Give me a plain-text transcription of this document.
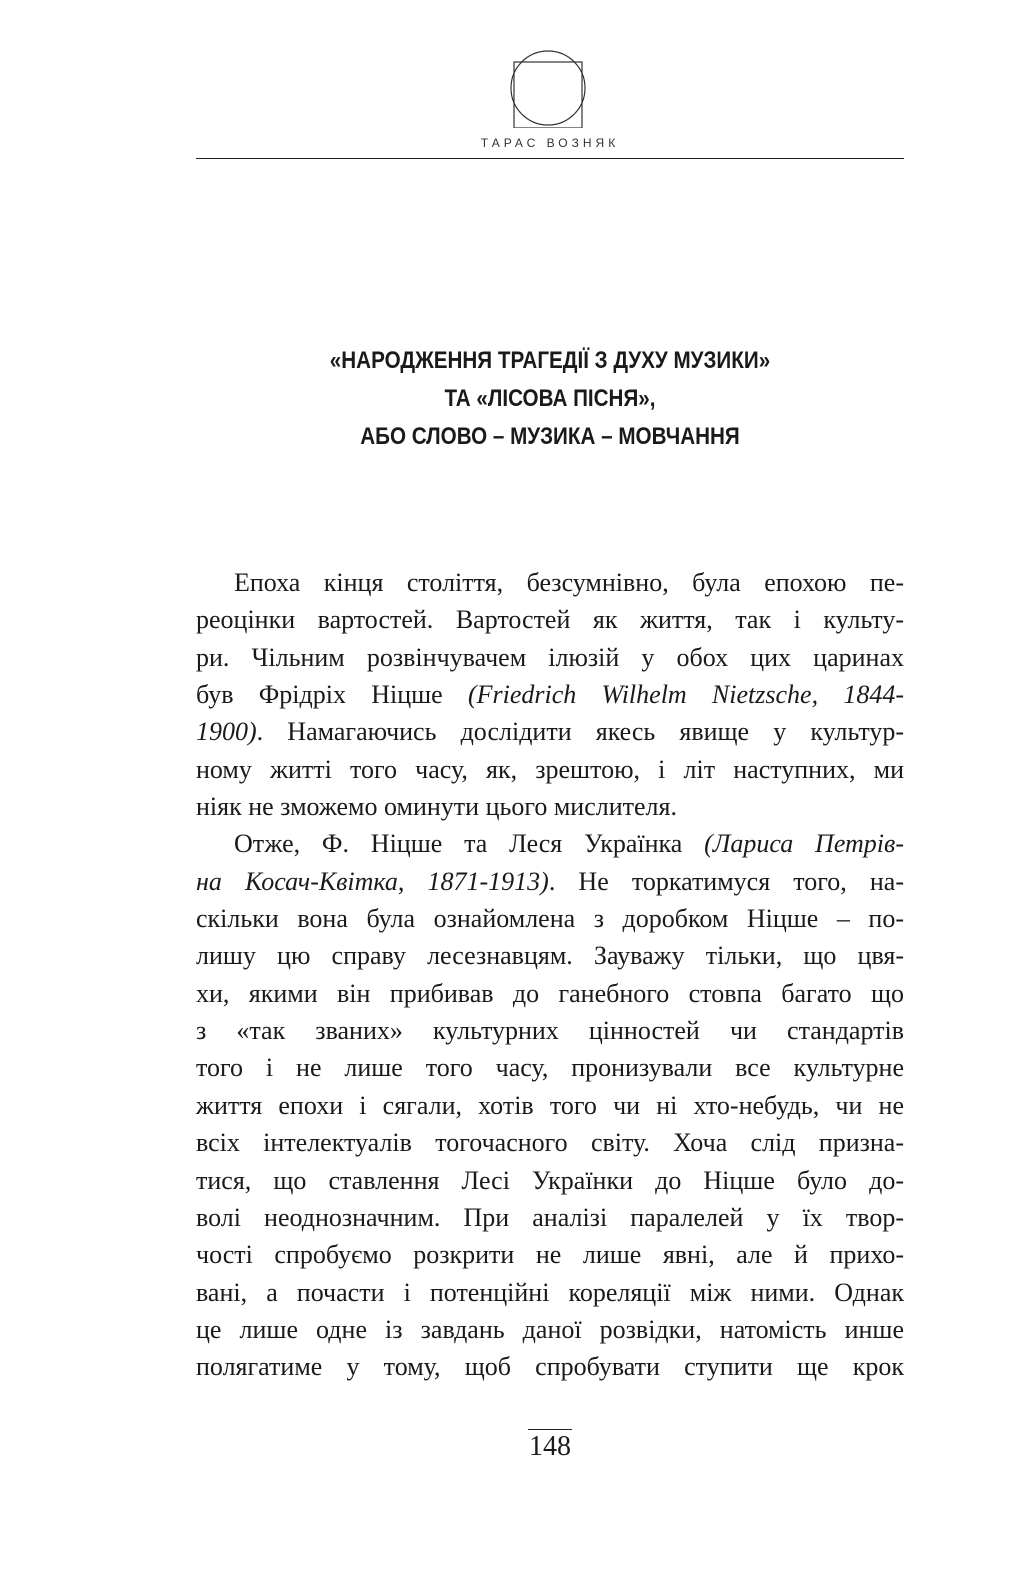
ТАРАС ВОЗНЯК
«НАРОДЖЕННЯ ТРАГЕДІЇ З ДУХУ МУЗИКИ»
ТА «ЛІСОВА ПІСНЯ»,
АБО СЛОВО – МУЗИКА – МОВЧАННЯ
Епоха кінця століття, безсумнівно, була епохою пе-
реоцінки вартостей. Вартостей як життя, так і культу-
ри. Чільним розвінчувачем ілюзій у обох цих царинах
був Фрідріх Ніцше (Friedrich Wilhelm Nietzsche, 1844-
1900). Намагаючись дослідити якесь явище у культур-
ному житті того часу, як, зрештою, і літ наступних, ми
ніяк не зможемо оминути цього мислителя.
Отже, Ф. Ніцше та Леся Українка (Лариса Петрів-
на Косач-Квітка, 1871-1913). Не торкатимуся того, на-
скільки вона була ознайомлена з доробком Ніцше – по-
лишу цю справу лесезнавцям. Зауважу тільки, що цвя-
хи, якими він прибивав до ганебного стовпа багато що
з «так званих» культурних цінностей чи стандартів
того і не лише того часу, пронизували все культурне
життя епохи і сягали, хотів того чи ні хто-небудь, чи не
всіх інтелектуалів тогочасного світу. Хоча слід призна-
тися, що ставлення Лесі Українки до Ніцше було до-
волі неоднозначним. При аналізі паралелей у їх твор-
чості спробуємо розкрити не лише явні, але й прихо-
вані, а почасти і потенційні кореляції між ними. Однак
це лише одне із завдань даної розвідки, натомість инше
полягатиме у тому, щоб спробувати ступити ще крок
148
